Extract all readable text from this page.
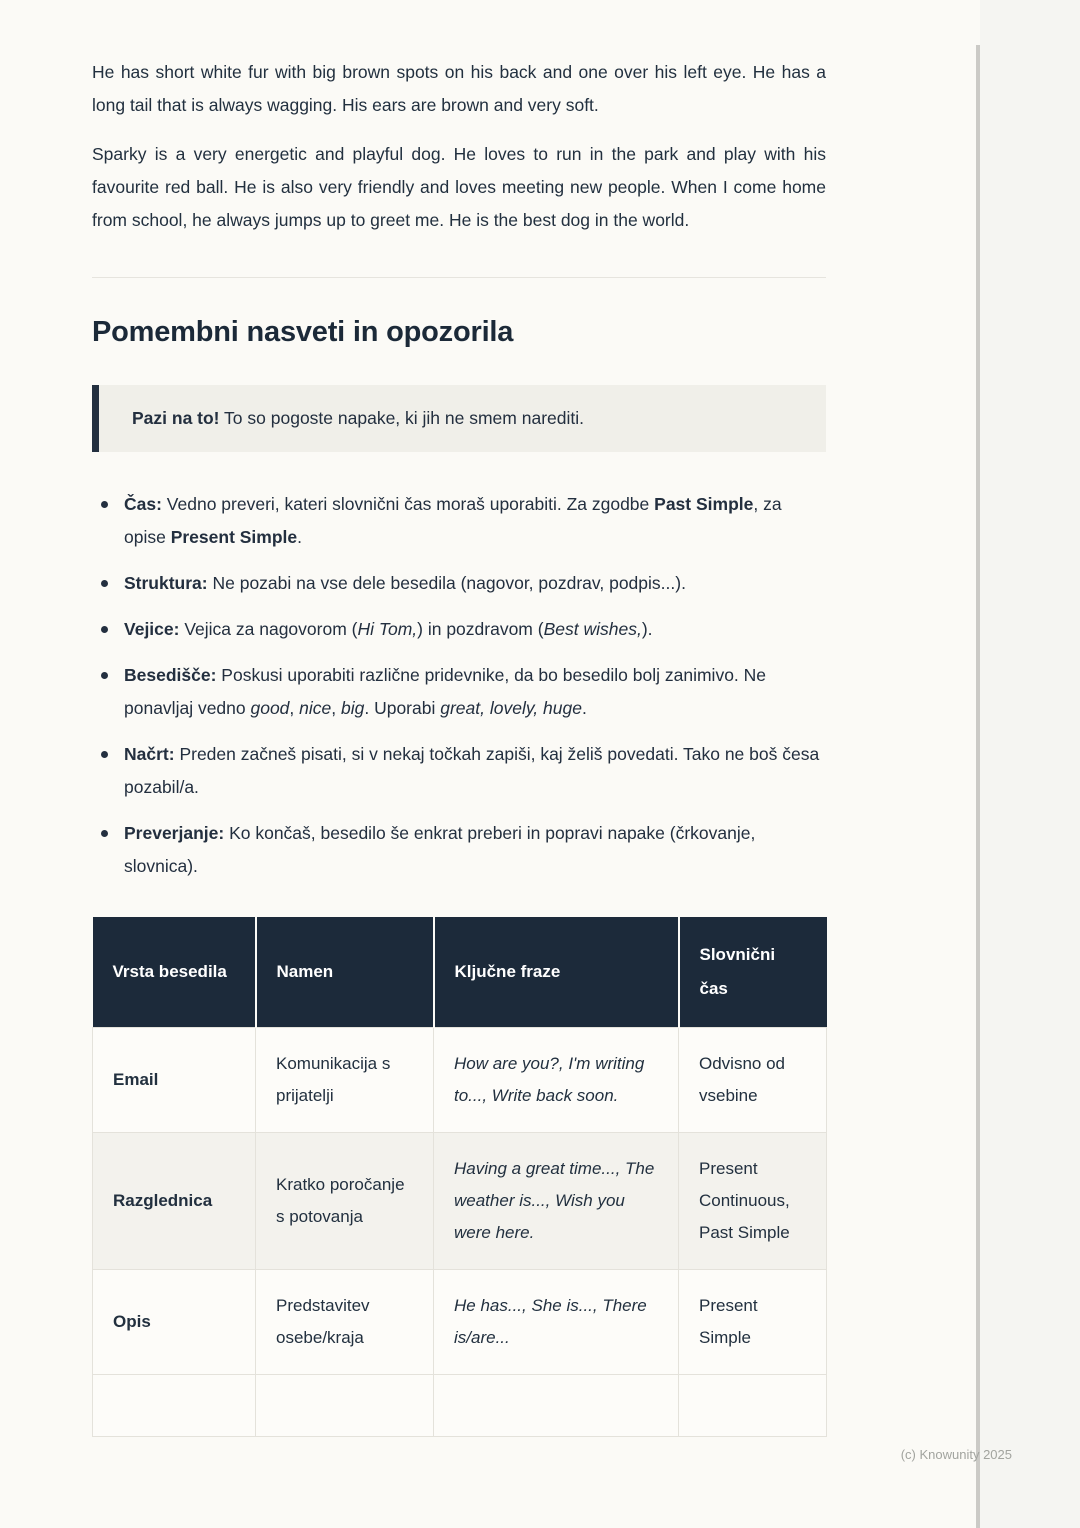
He has short white fur with big brown spots on his back and one over his left eye. He has a long tail that is always wagging. His ears are brown and very soft.

Sparky is a very energetic and playful dog. He loves to run in the park and play with his favourite red ball. He is also very friendly and loves meeting new people. When I come home from school, he always jumps up to greet me. He is the best dog in the world.

Pomembni nasveti in opozorila

Pazi na to! To so pogoste napake, ki jih ne smem narediti.

Čas: Vedno preveri, kateri slovnični čas moraš uporabiti. Za zgodbe Past Simple, za opise Present Simple.
Struktura: Ne pozabi na vse dele besedila (nagovor, pozdrav, podpis...).
Vejice: Vejica za nagovorom (Hi Tom,) in pozdravom (Best wishes,).
Besedišče: Poskusi uporabiti različne pridevnike, da bo besedilo bolj zanimivo. Ne ponavljaj vedno good, nice, big. Uporabi great, lovely, huge.
Načrt: Preden začneš pisati, si v nekaj točkah zapiši, kaj želiš povedati. Tako ne boš česa pozabil/a.
Preverjanje: Ko končaš, besedilo še enkrat preberi in popravi napake (črkovanje, slovnica).
Vrsta besedila	Namen	Ključne fraze	Slovnični čas
Email	Komunikacija s prijatelji	How are you?, I'm writing to..., Write back soon.	Odvisno od vsebine
Razglednica	Kratko poročanje s potovanja	Having a great time..., The weather is..., Wish you were here.	Present Continuous, Past Simple
Opis	Predstavitev osebe/kraja	He has..., She is..., There is/are...	Present Simple

(c) Knowunity 2025
